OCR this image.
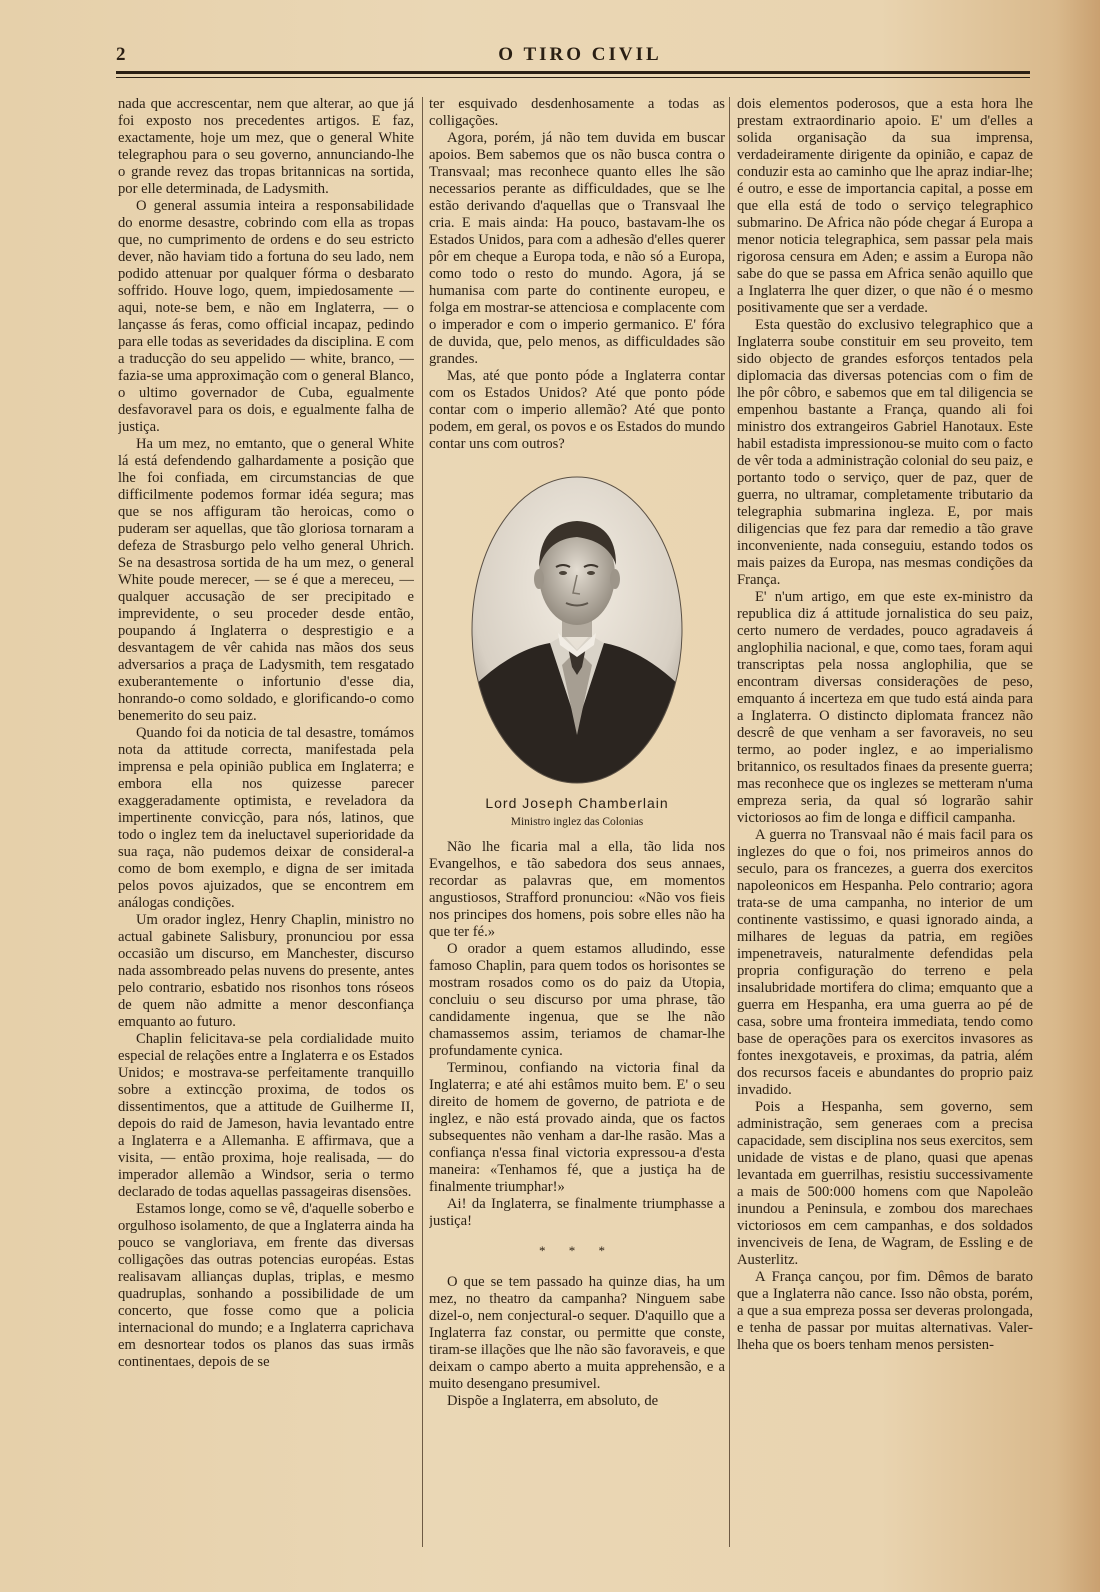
2	O TIRO CIVIL

nada que accrescentar, nem que alterar, ao que já foi exposto nos precedentes artigos. E faz, exactamente, hoje um mez, que o general White telegraphou para o seu governo, annunciando-lhe o grande revez das tropas britannicas na sortida, por elle determinada, de Ladysmith.

O general assumia inteira a responsabilidade do enorme desastre, cobrindo com ella as tropas que, no cumprimento de ordens e do seu estricto dever, não haviam tido a fortuna do seu lado, nem podido attenuar por qualquer fórma o desbarato soffrido. Houve logo, quem, impiedosamente — aqui, note-se bem, e não em Inglaterra, — o lançasse ás feras, como official incapaz, pedindo para elle todas as severidades da disciplina. E com a traducção do seu appelido — white, branco, — fazia-se uma approximação com o general Blanco, o ultimo governador de Cuba, egualmente desfavoravel para os dois, e egualmente falha de justiça.

Ha um mez, no emtanto, que o general White lá está defendendo galhardamente a posição que lhe foi confiada, em circumstancias de que difficilmente podemos formar idéa segura; mas que se nos affiguram tão heroicas, como o puderam ser aquellas, que tão gloriosa tornaram a defeza de Strasburgo pelo velho general Uhrich. Se na desastrosa sortida de ha um mez, o general White poude merecer, — se é que a mereceu, — qualquer accusação de ser precipitado e imprevidente, o seu proceder desde então, poupando á Inglaterra o desprestigio e a desvantagem de vêr cahida nas mãos dos seus adversarios a praça de Ladysmith, tem resgatado exuberantemente o infortunio d'esse dia, honrando-o como soldado, e glorificando-o como benemerito do seu paiz.

Quando foi da noticia de tal desastre, tomámos nota da attitude correcta, manifestada pela imprensa e pela opinião publica em Inglaterra; e embora ella nos quizesse parecer exaggeradamente optimista, e reveladora da impertinente convicção, para nós, latinos, que todo o inglez tem da ineluctavel superioridade da sua raça, não pudemos deixar de consideral-a como de bom exemplo, e digna de ser imitada pelos povos ajuizados, que se encontrem em análogas condições.

Um orador inglez, Henry Chaplin, ministro no actual gabinete Salisbury, pronunciou por essa occasião um discurso, em Manchester, discurso nada assombreado pelas nuvens do presente, antes pelo contrario, esbatido nos risonhos tons róseos de quem não admitte a menor desconfiança emquanto ao futuro.

Chaplin felicitava-se pela cordialidade muito especial de relações entre a Inglaterra e os Estados Unidos; e mostrava-se perfeitamente tranquillo sobre a extincção proxima, de todos os dissentimentos, que a attitude de Guilherme II, depois do raid de Jameson, havia levantado entre a Inglaterra e a Allemanha. E affirmava, que a visita, — então proxima, hoje realisada, — do imperador allemão a Windsor, seria o termo declarado de todas aquellas passageiras disensões.

Estamos longe, como se vê, d'aquelle soberbo e orgulhoso isolamento, de que a Inglaterra ainda ha pouco se vangloriava, em frente das diversas colligações das outras potencias européas. Estas realisavam allianças duplas, triplas, e mesmo quadruplas, sonhando a possibilidade de um concerto, que fosse como que a policia internacional do mundo; e a Inglaterra caprichava em desnortear todos os planos das suas irmãs continentaes, depois de se

ter esquivado desdenhosamente a todas as colligações.

Agora, porém, já não tem duvida em buscar apoios. Bem sabemos que os não busca contra o Transvaal; mas reconhece quanto elles lhe são necessarios perante as difficuldades, que se lhe estão derivando d'aquellas que o Transvaal lhe cria. E mais ainda: Ha pouco, bastavam-lhe os Estados Unidos, para com a adhesão d'elles querer pôr em cheque a Europa toda, e não só a Europa, como todo o resto do mundo. Agora, já se humanisa com parte do continente europeu, e folga em mostrar-se attenciosa e complacente com o imperador e com o imperio germanico. E' fóra de duvida, que, pelo menos, as difficuldades são grandes.

Mas, até que ponto póde a Inglaterra contar com os Estados Unidos? Até que ponto póde contar com o imperio allemão? Até que ponto podem, em geral, os povos e os Estados do mundo contar uns com outros?

Lord Joseph Chamberlain
Ministro inglez das Colonias

Não lhe ficaria mal a ella, tão lida nos Evangelhos, e tão sabedora dos seus annaes, recordar as palavras que, em momentos angustiosos, Strafford pronunciou: «Não vos fieis nos principes dos homens, pois sobre elles não ha que ter fé.»

O orador a quem estamos alludindo, esse famoso Chaplin, para quem todos os horisontes se mostram rosados como os do paiz da Utopia, concluiu o seu discurso por uma phrase, tão candidamente ingenua, que se lhe não chamassemos assim, teriamos de chamar-lhe profundamente cynica.

Terminou, confiando na victoria final da Inglaterra; e até ahi estâmos muito bem. E' o seu direito de homem de governo, de patriota e de inglez, e não está provado ainda, que os factos subsequentes não venham a dar-lhe rasão. Mas a confiança n'essa final victoria expressou-a d'esta maneira: «Tenhamos fé, que a justiça ha de finalmente triumphar!»

Ai! da Inglaterra, se finalmente triumphasse a justiça!

* * *

O que se tem passado ha quinze dias, ha um mez, no theatro da campanha? Ninguem sabe dizel-o, nem conjectural-o sequer. D'aquillo que a Inglaterra faz constar, ou permitte que conste, tiram-se illações que lhe não são favoraveis, e que deixam o campo aberto a muita apprehensão, e a muito desengano presumivel.

Dispõe a Inglaterra, em absoluto, de

dois elementos poderosos, que a esta hora lhe prestam extraordinario apoio. E' um d'elles a solida organisação da sua imprensa, verdadeiramente dirigente da opinião, e capaz de conduzir esta ao caminho que lhe apraz indiar-lhe; é outro, e esse de importancia capital, a posse em que ella está de todo o serviço telegraphico submarino. De Africa não póde chegar á Europa a menor noticia telegraphica, sem passar pela mais rigorosa censura em Aden; e assim a Europa não sabe do que se passa em Africa senão aquillo que a Inglaterra lhe quer dizer, o que não é o mesmo positivamente que ser a verdade.

Esta questão do exclusivo telegraphico que a Inglaterra soube constituir em seu proveito, tem sido objecto de grandes esforços tentados pela diplomacia das diversas potencias com o fim de lhe pôr côbro, e sabemos que em tal diligencia se empenhou bastante a França, quando ali foi ministro dos extrangeiros Gabriel Hanotaux. Este habil estadista impressionou-se muito com o facto de vêr toda a administração colonial do seu paiz, e portanto todo o serviço, quer de paz, quer de guerra, no ultramar, completamente tributario da telegraphia submarina ingleza. E, por mais diligencias que fez para dar remedio a tão grave inconveniente, nada conseguiu, estando todos os mais paizes da Europa, nas mesmas condições da França.

E' n'um artigo, em que este ex-ministro da republica diz á attitude jornalistica do seu paiz, certo numero de verdades, pouco agradaveis á anglophilia nacional, e que, como taes, foram aqui transcriptas pela nossa anglophilia, que se encontram diversas considerações de peso, emquanto á incerteza em que tudo está ainda para a Inglaterra. O distincto diplomata francez não descrê de que venham a ser favoraveis, no seu termo, ao poder inglez, e ao imperialismo britannico, os resultados finaes da presente guerra; mas reconhece que os inglezes se metteram n'uma empreza seria, da qual só lograrão sahir victoriosos ao fim de longa e difficil campanha.

A guerra no Transvaal não é mais facil para os inglezes do que o foi, nos primeiros annos do seculo, para os francezes, a guerra dos exercitos napoleonicos em Hespanha. Pelo contrario; agora trata-se de uma campanha, no interior de um continente vastissimo, e quasi ignorado ainda, a milhares de leguas da patria, em regiões impenetraveis, naturalmente defendidas pela propria configuração do terreno e pela insalubridade mortifera do clima; emquanto que a guerra em Hespanha, era uma guerra ao pé de casa, sobre uma fronteira immediata, tendo como base de operações para os exercitos invasores as fontes inexgotaveis, e proximas, da patria, além dos recursos faceis e abundantes do proprio paiz invadido.

Pois a Hespanha, sem governo, sem administração, sem generaes com a precisa capacidade, sem disciplina nos seus exercitos, sem unidade de vistas e de plano, quasi que apenas levantada em guerrilhas, resistiu successivamente a mais de 500:000 homens com que Napoleão inundou a Peninsula, e zombou dos marechaes victoriosos em cem campanhas, e dos soldados invenciveis de Iena, de Wagram, de Essling e de Austerlitz.

A França cançou, por fim. Dêmos de barato que a Inglaterra não cance. Isso não obsta, porém, a que a sua empreza possa ser deveras prolongada, e tenha de passar por muitas alternativas. Valer-lheha que os boers tenham menos persisten-
